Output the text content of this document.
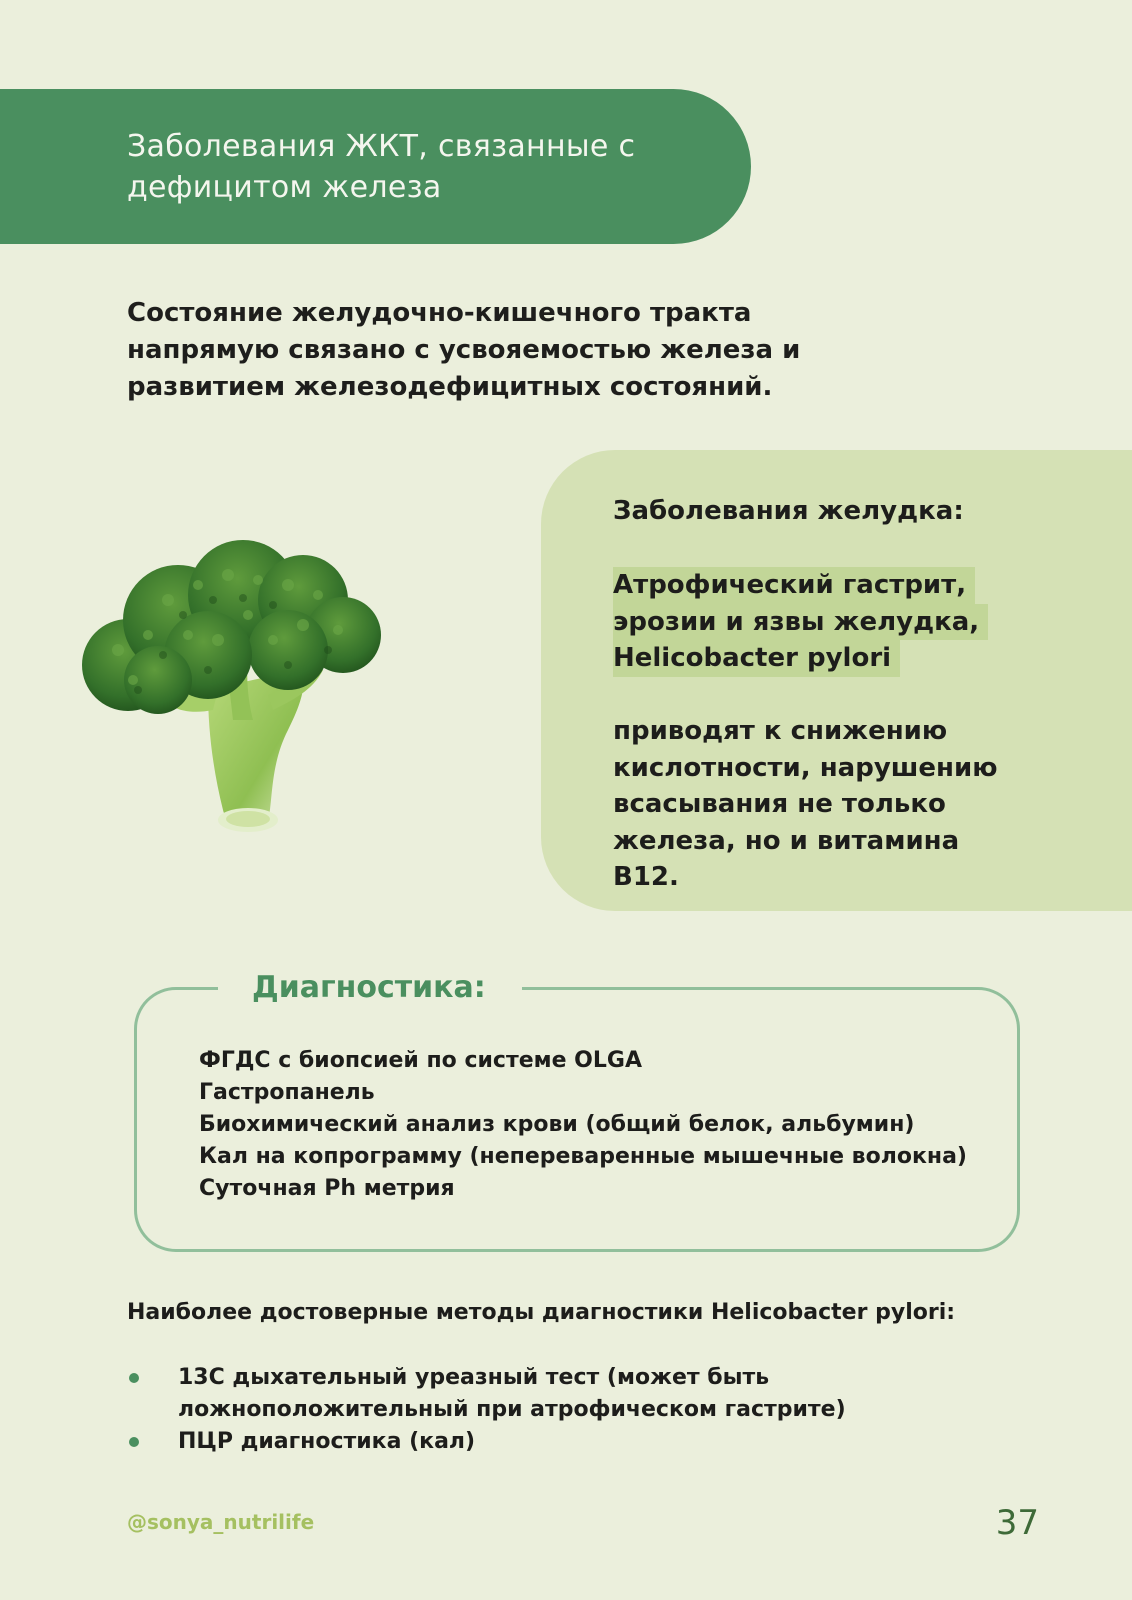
Заболевания ЖКТ, связанные с дефицитом железа
Состояние желудочно-кишечного тракта напрямую связано с усвояемостью железа и развитием железодефицитных состояний.
Заболевания желудка:
Атрофический гастрит,
эрозии и язвы желудка,
Helicobacter pylori
приводят к снижению кислотности, нарушению всасывания не только железа, но и витамина В12.
Диагностика:
ФГДС с биопсией по системе OLGA
Гастропанель
Биохимический анализ крови (общий белок, альбумин)
Кал на копрограмму (непереваренные мышечные волокна)
Суточная Ph метрия
Наиболее достоверные методы диагностики Helicobacter pylori:
13С дыхательный уреазный тест (может быть ложноположительный при атрофическом гастрите)
ПЦР диагностика (кал)
@sonya_nutrilife	37
